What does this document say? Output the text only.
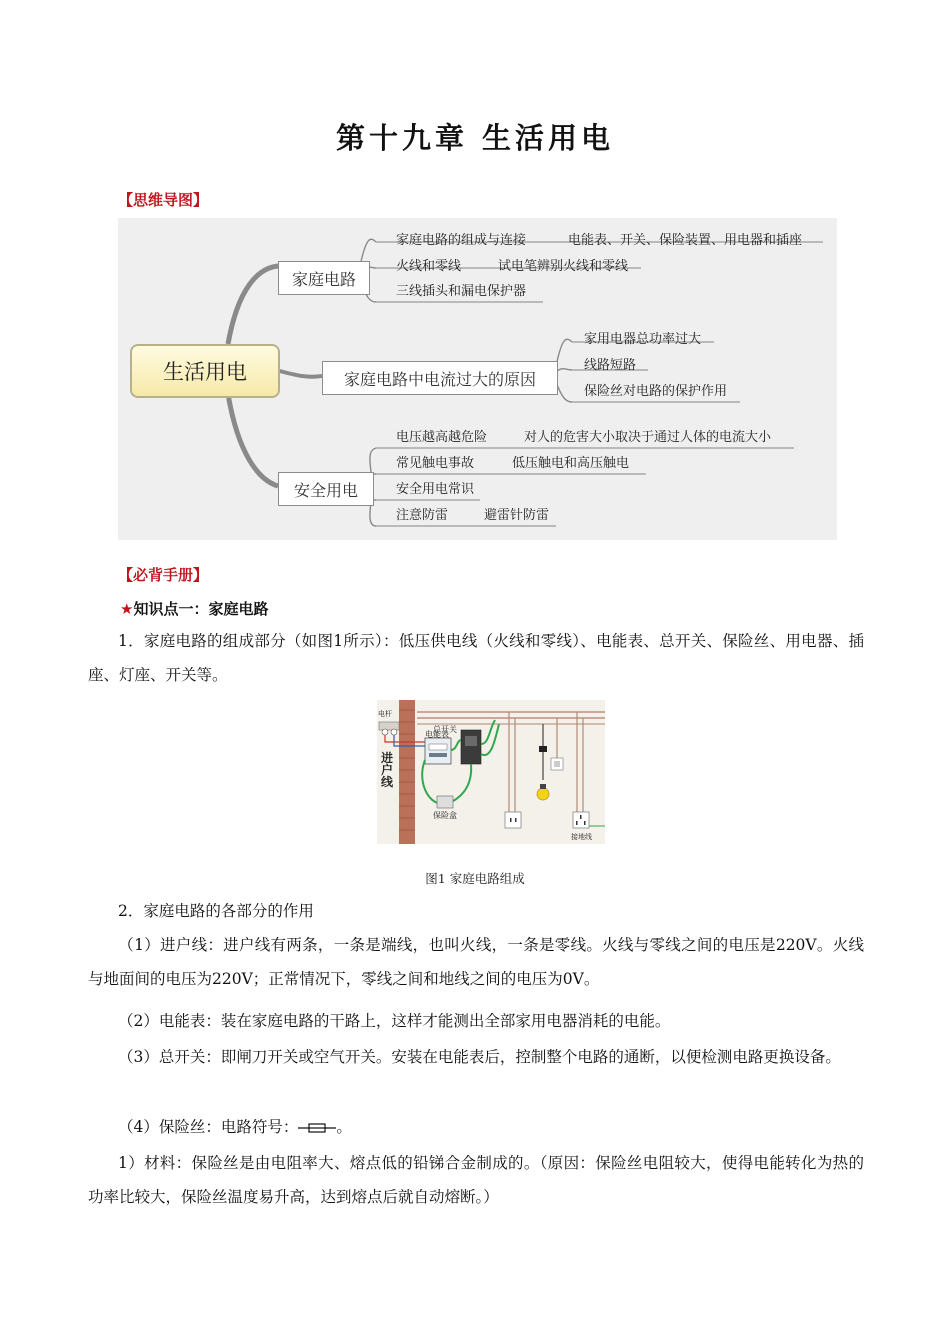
第十九章 生活用电
【思维导图】
生活用电
家庭电路
家庭电路中电流过大的原因
安全用电
家庭电路的组成与连接	电能表、开关、保险装置、用电器和插座
火线和零线	试电笔辨别火线和零线
三线插头和漏电保护器
家用电器总功率过大
线路短路
保险丝对电路的保护作用
电压越高越危险	对人的危害大小取决于通过人体的电流大小
常见触电事故	低压触电和高压触电
安全用电常识
注意防雷	避雷针防雷
【必背手册】
★知识点一：家庭电路
1．家庭电路的组成部分（如图1所示）：低压供电线（火线和零线）、电能表、总开关、保险丝、用电器、插座、灯座、开关等。
电杆
进
户
线
总开关
电能表
保险盒
接地线
图1 家庭电路组成
2．家庭电路的各部分的作用
（1）进户线：进户线有两条，一条是端线，也叫火线，一条是零线。火线与零线之间的电压是220V。火线与地面间的电压为220V；正常情况下，零线之间和地线之间的电压为0V。
（2）电能表：装在家庭电路的干路上，这样才能测出全部家用电器消耗的电能。
（3）总开关：即闸刀开关或空气开关。安装在电能表后，控制整个电路的通断，以便检测电路更换设备。
（4）保险丝：电路符号： 。
1）材料：保险丝是由电阻率大、熔点低的铅锑合金制成的。（原因：保险丝电阻较大，使得电能转化为热的功率比较大，保险丝温度易升高，达到熔点后就自动熔断。）
